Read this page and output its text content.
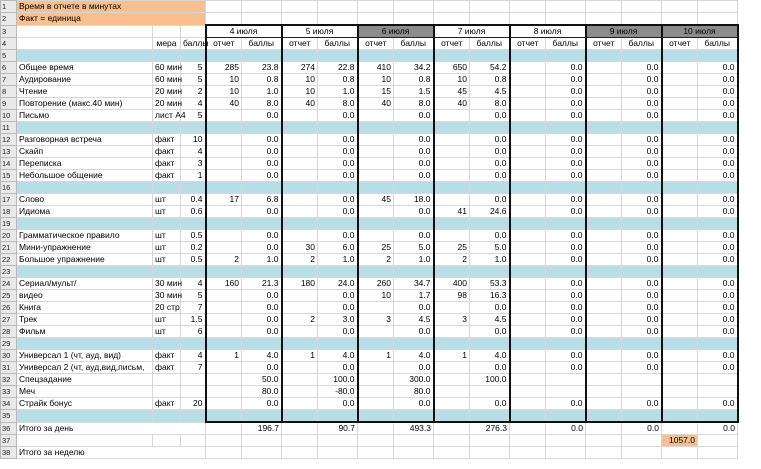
1	Время в отчете в минутах																
2	Факт = единица																
3				4 июля		5 июля		6 июля		7 июля		8 июля		9 июля		10 июля	
4		мера	баллы	отчет	баллы	отчет	баллы	отчет	баллы	отчет	баллы	отчет	баллы	отчет	баллы	отчет	баллы
5																	
6	Общее время	60 мин	5	285	23.8	274	22.8	410	34.2	650	54.2		0.0		0.0		0.0
7	Аудирование	60 мин	5	10	0.8	10	0.8	10	0.8	10	0.8		0.0		0.0		0.0
8	Чтение	20 мин	2	10	1.0	10	1.0	15	1.5	45	4.5		0.0		0.0		0.0
9	Повторение (макс.40 мин)	20 мин	4	40	8.0	40	8.0	40	8.0	40	8.0		0.0		0.0		0.0
10	Письмо	лист А4	5		0.0		0.0		0.0		0.0		0.0		0.0		0.0
11																	
12	Разговорная встреча	факт	10		0.0		0.0		0.0		0.0		0.0		0.0		0.0
13	Скайп	факт	4		0.0		0.0		0.0		0.0		0.0		0.0		0.0
14	Переписка	факт	3		0.0		0.0		0.0		0.0		0.0		0.0		0.0
15	Небольшое общение	факт	1		0.0		0.0		0.0		0.0		0.0		0.0		0.0
16																	
17	Слово	шт	0.4	17	6.8		0.0	45	18.0		0.0		0.0		0.0		0.0
18	Идиома	шт	0.6		0.0		0.0		0.0	41	24.6		0.0		0.0		0.0
19																	
20	Грамматическое правило	шт	0.5		0.0		0.0		0.0		0.0		0.0		0.0		0.0
21	Мини-упражнение	шт	0.2		0.0	30	6.0	25	5.0	25	5.0		0.0		0.0		0.0
22	Большое упражнение	шт	0.5	2	1.0	2	1.0	2	1.0	2	1.0		0.0		0.0		0.0
23																	
24	Сериал/мульт/	30 мин	4	160	21.3	180	24.0	260	34.7	400	53.3		0.0		0.0		0.0
25	видео	30 мин	5		0.0		0.0	10	1.7	98	16.3		0.0		0.0		0.0
26	Книга	20 стр	7		0.0		0.0		0.0		0.0		0.0		0.0		0.0
27	Трек	шт	1.5		0.0	2	3.0	3	4.5	3	4.5		0.0		0.0		0.0
28	Фильм	шт	6		0.0		0.0		0.0		0.0		0.0		0.0		0.0
29																	
30	Универсал 1 (чт, ауд, вид)	факт	4	1	4.0	1	4.0	1	4.0	1	4.0		0.0		0.0		0.0
31	Универсал 2 (чт, ауд,вид,письм,	факт	7		0.0		0.0		0.0		0.0		0.0		0.0		0.0
32	Спецзадание				50.0		100.0		300.0		100.0						
33	Меч				80.0		-80.0		80.0								
34	Страйк бонус	факт	20		0.0		0.0		0.0		0.0		0.0		0.0		0.0
35																	
36	Итого за день				196.7		90.7		493.3		276.3		0.0		0.0		0.0
37																1057.0	
38	Итого за неделю																
